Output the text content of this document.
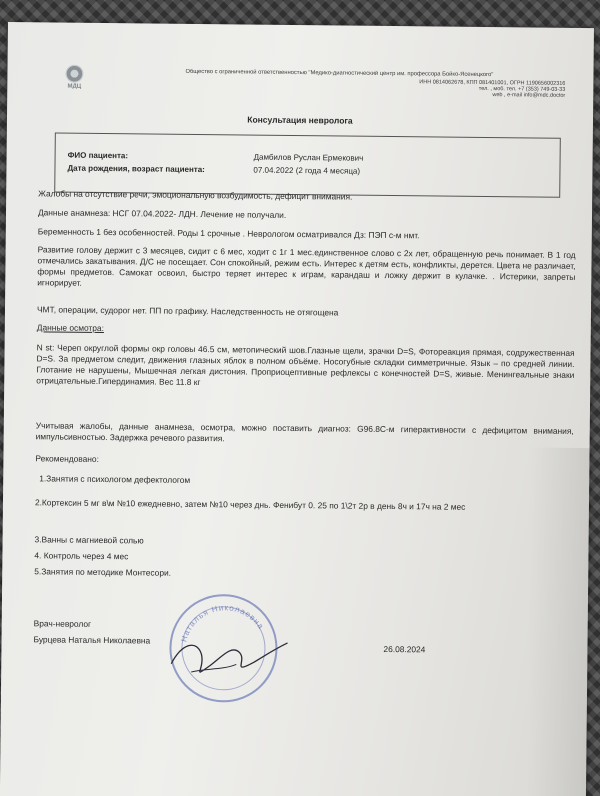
МДЦ
Общество с ограниченной ответственностью "Медико-диагностический центр им. профессора Бойко-Ясенецкого"
ИНН 0814062678, КПП 081401001, ОГРН 1190656002316
тел. , моб. тел. +7 (353) 749-03-33
web , e-mail info@mdc.doctor
Консультация невролога
ФИО пациента:	Дамбилов Руслан Ермекович
Дата рождения, возраст пациента:	07.04.2022 (2 года 4 месяца)
Жалобы на отсутствие речи, эмоциональную возбудимость, дефицит внимания.
Данные анамнеза: НСГ 07.04.2022- ЛДН. Лечение не получали.
Беременность 1 без особенностей. Роды 1 срочные . Неврологом осматривался Дз: ПЭП с-м нмт.
Развитие голову держит с 3 месяцев, сидит с 6 мес, ходит с 1г 1 мес.единственное слово с 2х лет, обращенную речь понимает. В 1 год отмечались закатывания. Д/С не посещает. Сон спокойный, режим есть. Интерес к детям есть, конфликты, дерется. Цвета не различает, формы предметов. Самокат освоил, быстро теряет интерес к играм, карандаш и ложку держит в кулачке. . Истерики, запреты игнорирует.
ЧМТ, операции, судорог нет. ПП по графику. Наследственность не отягощена
Данные осмотра:
N st: Череп округлой формы окр головы 46.5 см, метопический шов.Глазные щели, зрачки D=S, Фотореакция прямая, содружественная D=S. За предметом следит, движения глазных яблок в полном объёме. Носогубные складки симметричные. Язык – по средней линии. Глотание не нарушены, Мышечная легкая дистония. Проприоцептивные рефлексы с конечностей D=S, живые. Менингеальные знаки отрицательные.Гипердинамия. Вес 11.8 кг
Учитывая жалобы, данные анамнеза, осмотра, можно поставить диагноз: G96.8С-м гиперактивности с дефицитом внимания, импульсивностью. Задержка речевого развития.
Рекомендовано:
1.Занятия с психологом дефектологом
2.Кортексин 5 мг в\м №10 ежедневно, затем №10 через днь. Фенибут 0. 25 по 1\2т 2р в день 8ч и 17ч на 2 мес
3.Ванны с магниевой солью
4. Контроль через 4 мес
5.Занятия по методике Монтесори.
Наталья Николаевна
Врач-невролог
Бурцева Наталья Николаевна
26.08.2024
